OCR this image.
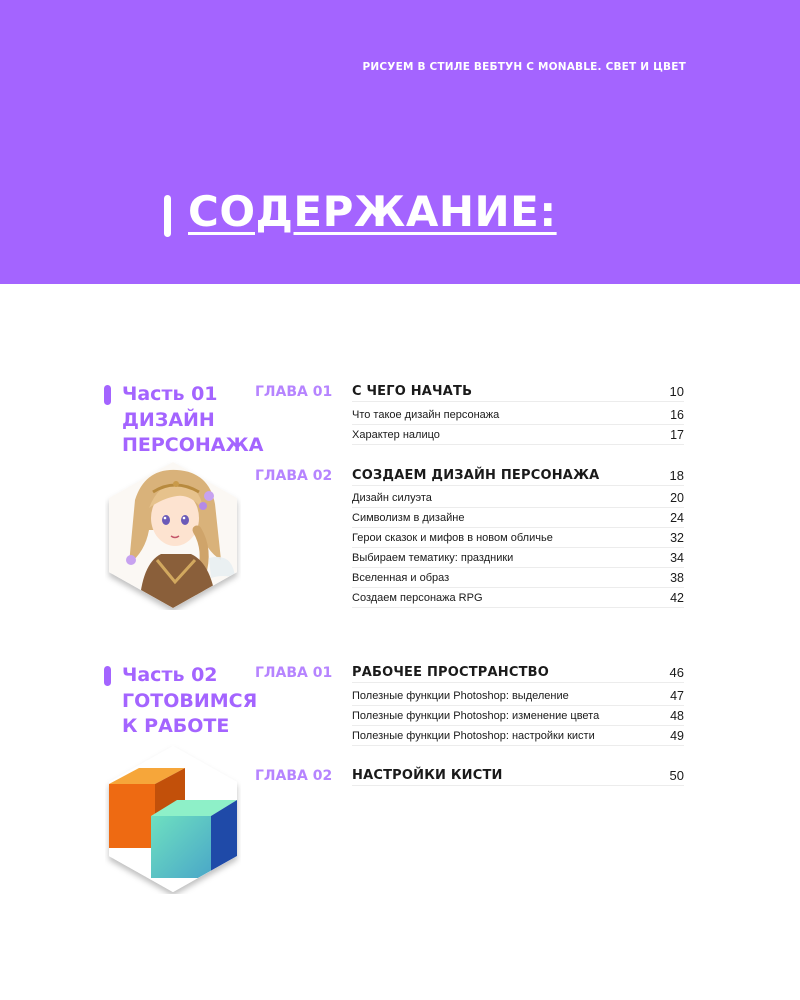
РИСУЕМ В СТИЛЕ ВЕБТУН С MONABLE. СВЕТ И ЦВЕТ
СОДЕРЖАНИЕ:
Часть 01
ДИЗАЙН
ПЕРСОНАЖА
ГЛАВА 01
ГЛАВА 02
С ЧЕГО НАЧАТЬ	10
Что такое дизайн персонажа	16
Характер налицо	17
СОЗДАЕМ ДИЗАЙН ПЕРСОНАЖА	18
Дизайн силуэта	20
Символизм в дизайне	24
Герои сказок и мифов в новом обличье	32
Выбираем тематику: праздники	34
Вселенная и образ	38
Создаем персонажа RPG	42
Часть 02
ГОТОВИМСЯ
К РАБОТЕ
ГЛАВА 01
ГЛАВА 02
РАБОЧЕЕ ПРОСТРАНСТВО	46
Полезные функции Photoshop: выделение	47
Полезные функции Photoshop: изменение цвета	48
Полезные функции Photoshop: настройки кисти	49
НАСТРОЙКИ КИСТИ	50
